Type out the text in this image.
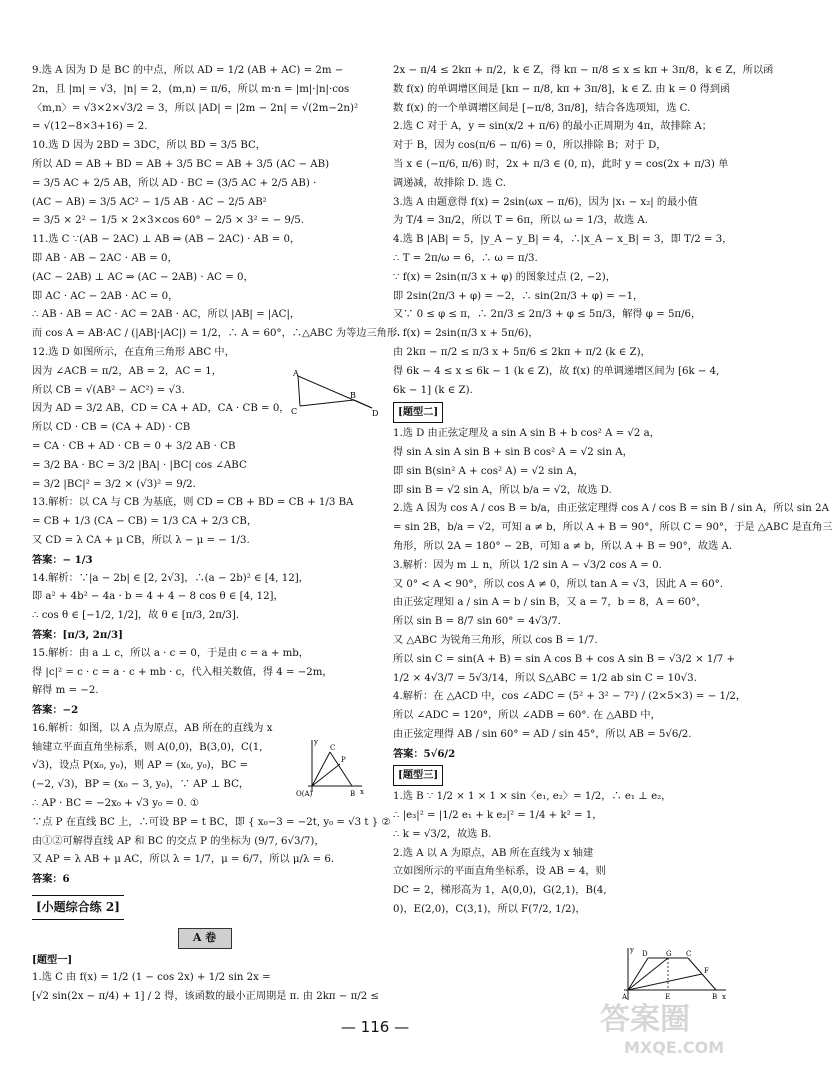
9.选 A 因为 D 是 BC 的中点，所以 AD = 1/2 (AB + AC) = 2m −
2n，且 |m| = √3，|n| = 2，(m,n) = π/6，所以 m·n = |m|·|n|·cos
〈m,n〉= √3×2×√3/2 = 3，所以 |AD| = |2m − 2n| = √(2m−2n)²
= √(12−8×3+16) = 2.
10.选 D 因为 2BD = 3DC，所以 BD = 3/5 BC，
所以 AD = AB + BD = AB + 3/5 BC = AB + 3/5 (AC − AB)
= 3/5 AC + 2/5 AB，所以 AD · BC = (3/5 AC + 2/5 AB) ·
(AC − AB) = 3/5 AC² − 1/5 AB · AC − 2/5 AB²
= 3/5 × 2² − 1/5 × 2×3×cos 60° − 2/5 × 3² = − 9/5.
11.选 C ∵(AB − 2AC) ⊥ AB ⇒ (AB − 2AC) · AB = 0，
即 AB · AB − 2AC · AB = 0，
(AC − 2AB) ⊥ AC ⇒ (AC − 2AB) · AC = 0，
即 AC · AC − 2AB · AC = 0，
∴ AB · AB = AC · AC = 2AB · AC，所以 |AB| = |AC|，
而 cos A = AB·AC / (|AB|·|AC|) = 1/2，∴ A = 60°，∴△ABC 为等边三角形.
12.选 D 如图所示，在直角三角形 ABC 中，
因为 ∠ACB = π/2，AB = 2，AC = 1，
所以 CB = √(AB² − AC²) = √3.
因为 AD = 3/2 AB，CD = CA + AD，CA · CB = 0，
所以 CD · CB = (CA + AD) · CB
= CA · CB + AD · CB = 0 + 3/2 AB · CB
= 3/2 BA · BC = 3/2 |BA| · |BC| cos ∠ABC
= 3/2 |BC|² = 3/2 × (√3)² = 9/2.
13.解析：以 CA 与 CB 为基底，则 CD = CB + BD = CB + 1/3 BA
= CB + 1/3 (CA − CB) = 1/3 CA + 2/3 CB，
又 CD = λ CA + μ CB，所以 λ − μ = − 1/3.
答案：− 1/3
14.解析：∵|a − 2b| ∈ [2, 2√3]，∴(a − 2b)² ∈ [4, 12]，
即 a² + 4b² − 4a · b = 4 + 4 − 8 cos θ ∈ [4, 12]，
∴ cos θ ∈ [−1/2, 1/2]，故 θ ∈ [π/3, 2π/3].
答案：[π/3, 2π/3]
15.解析：由 a ⊥ c，所以 a · c = 0，于是由 c = a + mb，
得 |c|² = c · c = a · c + mb · c，代入相关数值，得 4 = −2m，
解得 m = −2.
答案：−2
16.解析：如图，以 A 点为原点，AB 所在的直线为 x
轴建立平面直角坐标系，则 A(0,0)，B(3,0)，C(1,
√3)，设点 P(x₀, y₀)，则 AP = (x₀, y₀)，BC =
(−2, √3)，BP = (x₀ − 3, y₀)，∵ AP ⊥ BC，
∴ AP · BC = −2x₀ + √3 y₀ = 0. ①
∵点 P 在直线 BC 上，∴可设 BP = t BC，即 { x₀−3 = −2t, y₀ = √3 t } ②
由①②可解得直线 AP 和 BC 的交点 P 的坐标为 (9/7, 6√3/7)，
又 AP = λ AB + μ AC，所以 λ = 1/7，μ = 6/7，所以 μ/λ = 6.
答案：6
[小题综合练 2]
A 卷
[题型一]
1.选 C 由 f(x) = 1/2 (1 − cos 2x) + 1/2 sin 2x =
[√2 sin(2x − π/4) + 1] / 2 得，该函数的最小正周期是 π. 由 2kπ − π/2 ≤
2x − π/4 ≤ 2kπ + π/2，k ∈ Z，得 kπ − π/8 ≤ x ≤ kπ + 3π/8，k ∈ Z，所以函
数 f(x) 的单调增区间是 [kπ − π/8, kπ + 3π/8]，k ∈ Z. 由 k = 0 得到函
数 f(x) 的一个单调增区间是 [−π/8, 3π/8]，结合各选项知，选 C.
2.选 C 对于 A，y = sin(x/2 + π/6) 的最小正周期为 4π，故排除 A；
对于 B，因为 cos(π/6 − π/6) = 0，所以排除 B；对于 D，
当 x ∈ (−π/6, π/6) 时，2x + π/3 ∈ (0, π)，此时 y = cos(2x + π/3) 单
调递减，故排除 D. 选 C.
3.选 A 由题意得 f(x) = 2sin(ωx − π/6)，因为 |x₁ − x₂| 的最小值
为 T/4 = 3π/2，所以 T = 6π，所以 ω = 1/3，故选 A.
4.选 B |AB| = 5，|y_A − y_B| = 4，∴|x_A − x_B| = 3，即 T/2 = 3，
∴ T = 2π/ω = 6，∴ ω = π/3.
∵ f(x) = 2sin(π/3 x + φ) 的图象过点 (2, −2)，
即 2sin(2π/3 + φ) = −2，∴ sin(2π/3 + φ) = −1，
又∵ 0 ≤ φ ≤ π，∴ 2π/3 ≤ 2π/3 + φ ≤ 5π/3，解得 φ = 5π/6，
∴ f(x) = 2sin(π/3 x + 5π/6)，
由 2kπ − π/2 ≤ π/3 x + 5π/6 ≤ 2kπ + π/2 (k ∈ Z)，
得 6k − 4 ≤ x ≤ 6k − 1 (k ∈ Z)，故 f(x) 的单调递增区间为 [6k − 4,
6k − 1] (k ∈ Z).
[题型二]
1.选 D 由正弦定理及 a sin A sin B + b cos² A = √2 a，
得 sin A sin A sin B + sin B cos² A = √2 sin A，
即 sin B(sin² A + cos² A) = √2 sin A，
即 sin B = √2 sin A，所以 b/a = √2，故选 D.
2.选 A 因为 cos A / cos B = b/a，由正弦定理得 cos A / cos B = sin B / sin A，所以 sin 2A
= sin 2B，b/a = √2，可知 a ≠ b，所以 A + B = 90°，所以 C = 90°，于是 △ABC 是直角三
角形，所以 2A = 180° − 2B，可知 a ≠ b，所以 A + B = 90°，故选 A.
3.解析：因为 m ⊥ n，所以 1/2 sin A − √3/2 cos A = 0.
又 0° < A < 90°，所以 cos A ≠ 0，所以 tan A = √3，因此 A = 60°.
由正弦定理知 a / sin A = b / sin B，又 a = 7，b = 8，A = 60°，
所以 sin B = 8/7 sin 60° = 4√3/7.
又 △ABC 为锐角三角形，所以 cos B = 1/7.
所以 sin C = sin(A + B) = sin A cos B + cos A sin B = √3/2 × 1/7 +
1/2 × 4√3/7 = 5√3/14，所以 S△ABC = 1/2 ab sin C = 10√3.
4.解析：在 △ACD 中，cos ∠ADC = (5² + 3² − 7²) / (2×5×3) = − 1/2，
所以 ∠ADC = 120°，所以 ∠ADB = 60°. 在 △ABD 中，
由正弦定理得 AB / sin 60° = AD / sin 45°，所以 AB = 5√6/2.
答案：5√6/2
[题型三]
1.选 B ∵ 1/2 × 1 × 1 × sin〈e₁, e₂〉= 1/2，∴ e₁ ⊥ e₂，
∴ |e₃|² = |1/2 e₁ + k e₂|² = 1/4 + k² = 1，
∴ k = √3/2，故选 B.
2.选 A 以 A 为原点，AB 所在直线为 x 轴建
立如图所示的平面直角坐标系，设 AB = 4，则
DC = 2，梯形高为 1，A(0,0)，G(2,1)，B(4,
0)，E(2,0)，C(3,1)，所以 F(7/2, 1/2)，
A
C
B
D
y
C
P
O(A)	B x
y D	G C
F
A	E	B x
— 116 —	答案圈
MXQE.COM
